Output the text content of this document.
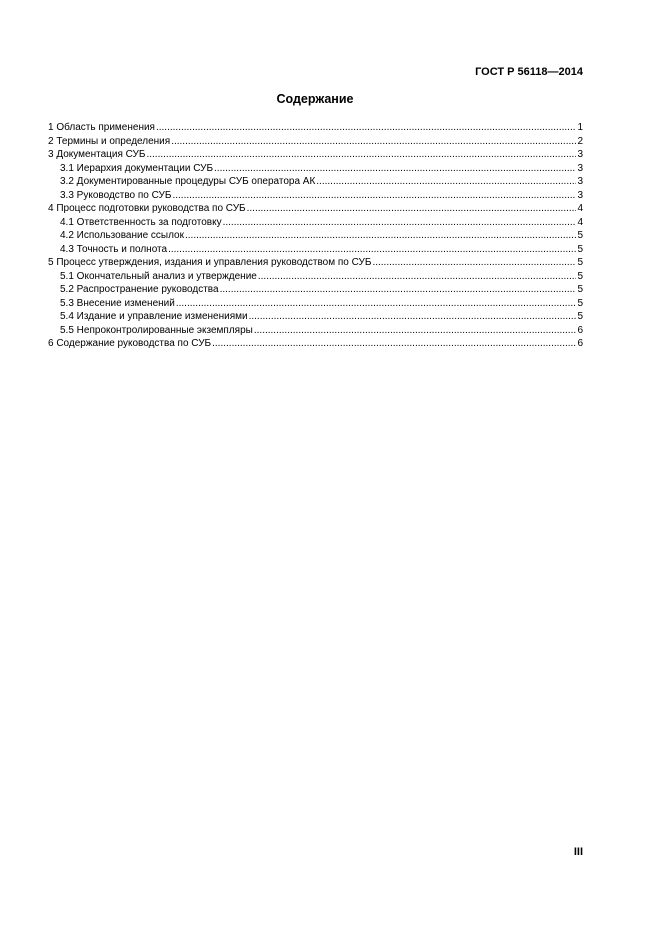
ГОСТ Р 56118—2014
Содержание
1 Область применения .....	1
2 Термины и определения .....	2
3 Документация СУБ .....	3
3.1 Иерархия документации СУБ .....	3
3.2 Документированные процедуры СУБ оператора АК .....	3
3.3 Руководство по СУБ .....	3
4 Процесс подготовки руководства по СУБ .....	4
4.1 Ответственность за подготовку .....	4
4.2 Использование ссылок .....	5
4.3 Точность и полнота .....	5
5 Процесс утверждения, издания и управления руководством по СУБ .....	5
5.1 Окончательный анализ и утверждение .....	5
5.2 Распространение руководства .....	5
5.3 Внесение изменений .....	5
5.4 Издание и управление изменениями .....	5
5.5 Непроконтролированные экземпляры .....	6
6 Содержание руководства по СУБ .....	6
III
